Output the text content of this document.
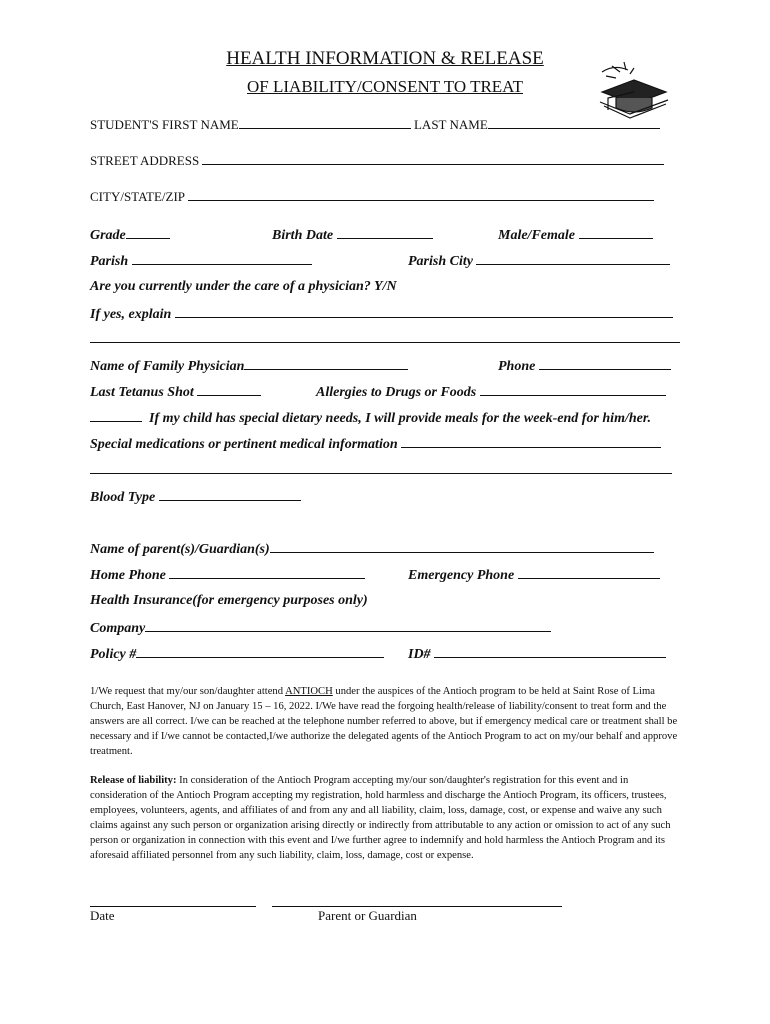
HEALTH INFORMATION & RELEASE
OF LIABILITY/CONSENT TO TREAT
STUDENT'S FIRST NAME	LAST NAME
STREET ADDRESS
CITY/STATE/ZIP
Grade	Birth Date	Male/Female
Parish	Parish City
Are you currently under the care of a physician? Y/N
If yes, explain
Name of Family Physician	Phone
Last Tetanus Shot	Allergies to Drugs or Foods
If my child has special dietary needs, I will provide meals for the week-end for him/her.
Special medications or pertinent medical information
Blood Type
Name of parent(s)/Guardian(s)
Home Phone	Emergency Phone
Health Insurance(for emergency purposes only)
Company
Policy #	ID#
1/We request that my/our son/daughter attend ANTIOCH under the auspices of the Antioch program to be held at Saint Rose of Lima Church, East Hanover, NJ on January 15 – 16, 2022. I/We have read the forgoing health/release of liability/consent to treat form and the answers are all correct. I/we can be reached at the telephone number referred to above, but if emergency medical care or treatment shall be necessary and if I/we cannot be contacted,I/we authorize the delegated agents of the Antioch Program to act on my/our behalf and approve treatment.
Release of liability: In consideration of the Antioch Program accepting my/our son/daughter's registration for this event and in consideration of the Antioch Program accepting my registration, hold harmless and discharge the Antioch Program, its officers, trustees, employees, volunteers, agents, and affiliates of and from any and all liability, claim, loss, damage, cost, or expense and waive any such claims against any such person or organization arising directly or indirectly from attributable to any action or omission to act of any such person or organization in connection with this event and I/we further agree to indemnify and hold harmless the Antioch Program and its aforesaid affiliated personnel from any such liability, claim, loss, damage, cost or expense.
Date	Parent or Guardian
